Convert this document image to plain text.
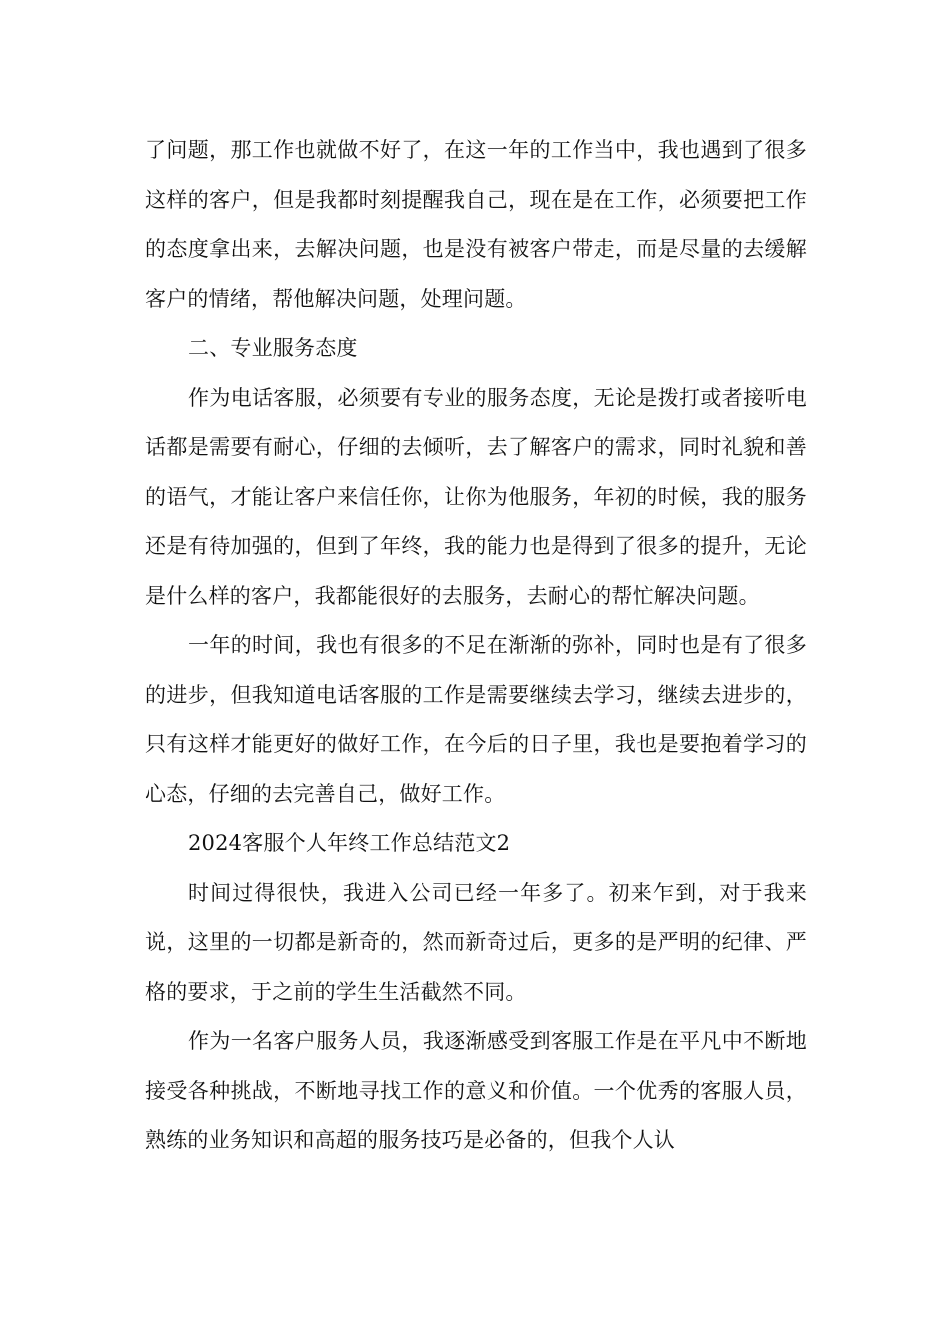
了问题，那工作也就做不好了，在这一年的工作当中，我也遇到了很多这样的客户，但是我都时刻提醒我自己，现在是在工作，必须要把工作的态度拿出来，去解决问题，也是没有被客户带走，而是尽量的去缓解客户的情绪，帮他解决问题，处理问题。

二、专业服务态度

作为电话客服，必须要有专业的服务态度，无论是拨打或者接听电话都是需要有耐心，仔细的去倾听，去了解客户的需求，同时礼貌和善的语气，才能让客户来信任你，让你为他服务，年初的时候，我的服务还是有待加强的，但到了年终，我的能力也是得到了很多的提升，无论是什么样的客户，我都能很好的去服务，去耐心的帮忙解决问题。

一年的时间，我也有很多的不足在渐渐的弥补，同时也是有了很多的进步，但我知道电话客服的工作是需要继续去学习，继续去进步的，只有这样才能更好的做好工作，在今后的日子里，我也是要抱着学习的心态，仔细的去完善自己，做好工作。

2024客服个人年终工作总结范文2

时间过得很快，我进入公司已经一年多了。初来乍到，对于我来说，这里的一切都是新奇的，然而新奇过后，更多的是严明的纪律、严格的要求，于之前的学生生活截然不同。

作为一名客户服务人员，我逐渐感受到客服工作是在平凡中不断地接受各种挑战，不断地寻找工作的意义和价值。一个优秀的客服人员，熟练的业务知识和高超的服务技巧是必备的，但我个人认
